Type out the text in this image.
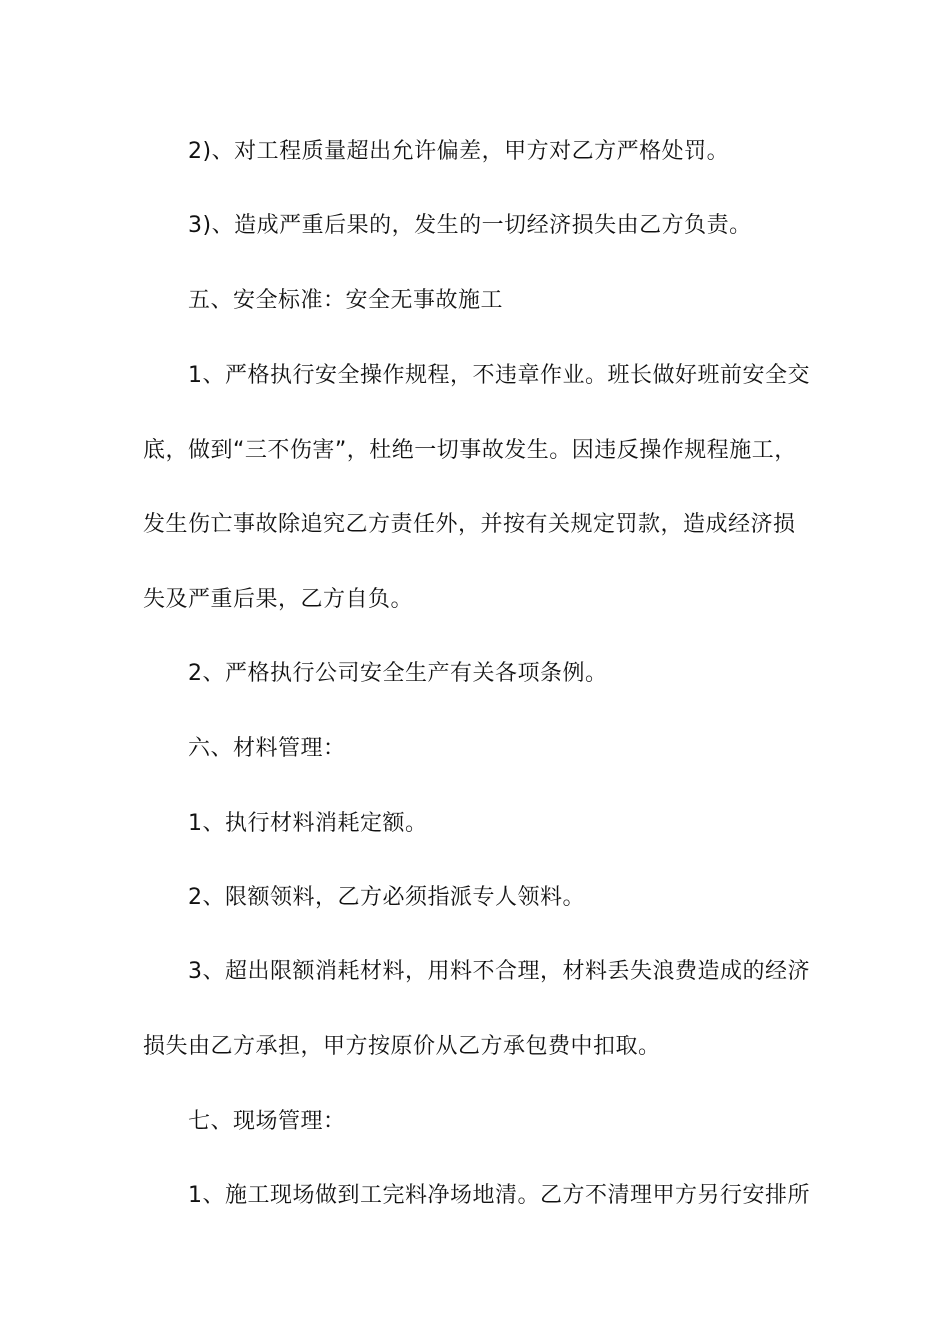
2)、对工程质量超出允许偏差，甲方对乙方严格处罚。
3)、造成严重后果的，发生的一切经济损失由乙方负责。
五、安全标准：安全无事故施工
1、严格执行安全操作规程，不违章作业。班长做好班前安全交
底，做到“三不伤害”，杜绝一切事故发生。因违反操作规程施工，
发生伤亡事故除追究乙方责任外，并按有关规定罚款，造成经济损
失及严重后果，乙方自负。
2、严格执行公司安全生产有关各项条例。
六、材料管理：
1、执行材料消耗定额。
2、限额领料，乙方必须指派专人领料。
3、超出限额消耗材料，用料不合理，材料丢失浪费造成的经济
损失由乙方承担，甲方按原价从乙方承包费中扣取。
七、现场管理：
1、施工现场做到工完料净场地清。乙方不清理甲方另行安排所
